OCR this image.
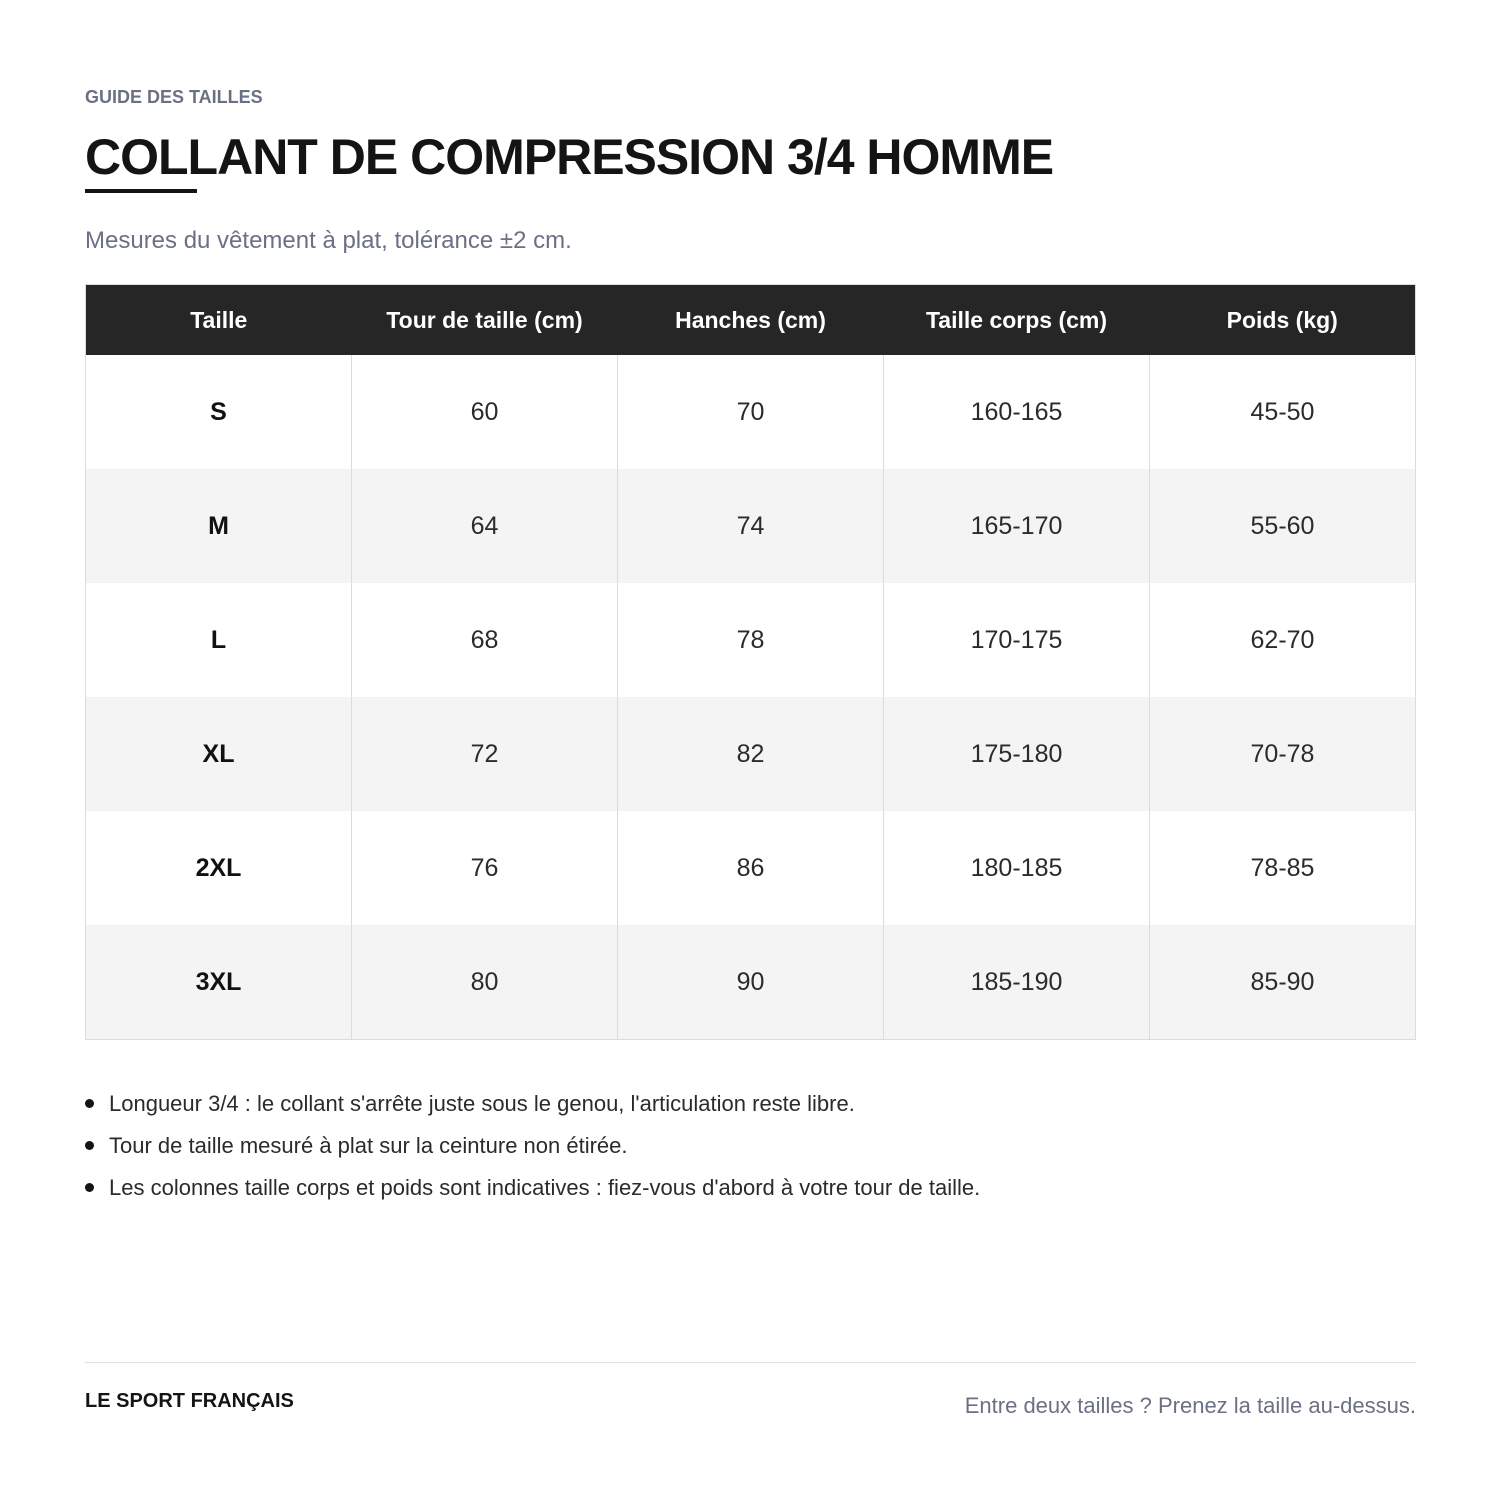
GUIDE DES TAILLES
COLLANT DE COMPRESSION 3/4 HOMME
Mesures du vêtement à plat, tolérance ±2 cm.
Taille	Tour de taille (cm)	Hanches (cm)	Taille corps (cm)	Poids (kg)
S	60	70	160-165	45-50
M	64	74	165-170	55-60
L	68	78	170-175	62-70
XL	72	82	175-180	70-78
2XL	76	86	180-185	78-85
3XL	80	90	185-190	85-90
Longueur 3/4 : le collant s'arrête juste sous le genou, l'articulation reste libre.
Tour de taille mesuré à plat sur la ceinture non étirée.
Les colonnes taille corps et poids sont indicatives : fiez-vous d'abord à votre tour de taille.
LE SPORT FRANÇAIS	Entre deux tailles ? Prenez la taille au-dessus.
